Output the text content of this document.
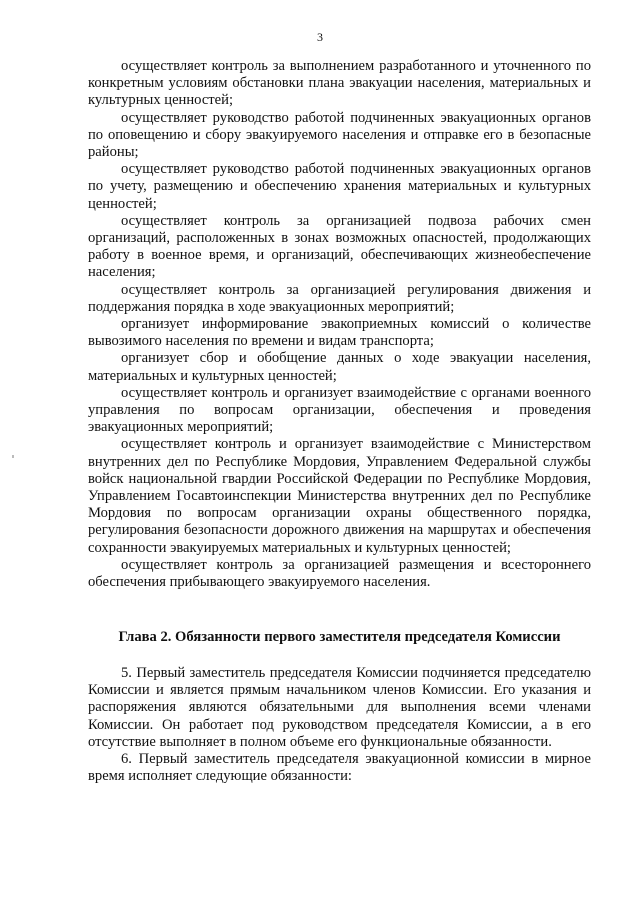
3

осуществляет контроль за выполнением разработанного и уточненного по конкретным условиям обстановки плана эвакуации населения, материальных и культурных ценностей;

осуществляет руководство работой подчиненных эвакуационных органов по оповещению и сбору эвакуируемого населения и отправке его в безопасные районы;

осуществляет руководство работой подчиненных эвакуационных органов по учету, размещению и обеспечению хранения материальных и культурных ценностей;

осуществляет контроль за организацией подвоза рабочих смен организаций, расположенных в зонах возможных опасностей, продолжающих работу в военное время, и организаций, обеспечивающих жизнеобеспечение населения;

осуществляет контроль за организацией регулирования движения и поддержания порядка в ходе эвакуационных мероприятий;

организует информирование эвакоприемных комиссий о количестве вывозимого населения по времени и видам транспорта;

организует сбор и обобщение данных о ходе эвакуации населения, материальных и культурных ценностей;

осуществляет контроль и организует взаимодействие с органами военного управления по вопросам организации, обеспечения и проведения эвакуационных мероприятий;

осуществляет контроль и организует взаимодействие с Министерством внутренних дел по Республике Мордовия, Управлением Федеральной службы войск национальной гвардии Российской Федерации по Республике Мордовия, Управлением Госавтоинспекции Министерства внутренних дел по Республике Мордовия по вопросам организации охраны общественного порядка, регулирования безопасности дорожного движения на маршрутах и обеспечения сохранности эвакуируемых материальных и культурных ценностей;

осуществляет контроль за организацией размещения и всестороннего обеспечения прибывающего эвакуируемого населения.

Глава 2. Обязанности первого заместителя председателя Комиссии

5. Первый заместитель председателя Комиссии подчиняется председателю Комиссии и является прямым начальником членов Комиссии. Его указания и распоряжения являются обязательными для выполнения всеми членами Комиссии. Он работает под руководством председателя Комиссии, а в его отсутствие выполняет в полном объеме его функциональные обязанности.

6. Первый заместитель председателя эвакуационной комиссии в мирное время исполняет следующие обязанности:
